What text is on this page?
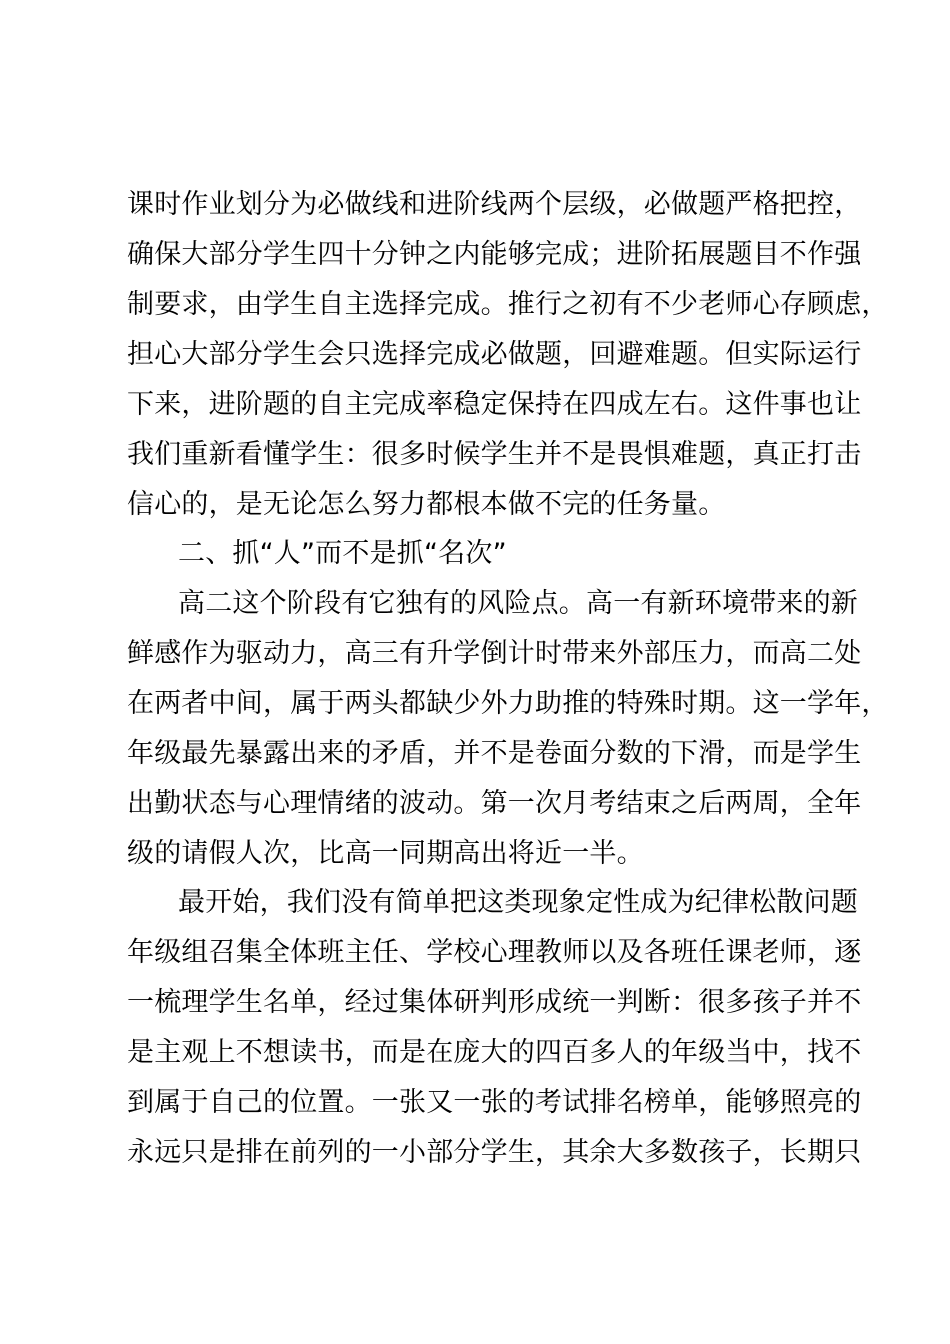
课时作业划分为必做线和进阶线两个层级，必做题严格把控，
确保大部分学生四十分钟之内能够完成；进阶拓展题目不作强
制要求，由学生自主选择完成。推行之初有不少老师心存顾虑，
担心大部分学生会只选择完成必做题，回避难题。但实际运行
下来，进阶题的自主完成率稳定保持在四成左右。这件事也让
我们重新看懂学生：很多时候学生并不是畏惧难题，真正打击
信心的，是无论怎么努力都根本做不完的任务量。
二、抓“人”而不是抓“名次”
高二这个阶段有它独有的风险点。高一有新环境带来的新
鲜感作为驱动力，高三有升学倒计时带来外部压力，而高二处
在两者中间，属于两头都缺少外力助推的特殊时期。这一学年，
年级最先暴露出来的矛盾，并不是卷面分数的下滑，而是学生
出勤状态与心理情绪的波动。第一次月考结束之后两周，全年
级的请假人次，比高一同期高出将近一半。
最开始，我们没有简单把这类现象定性成为纪律松散问题
年级组召集全体班主任、学校心理教师以及各班任课老师，逐
一梳理学生名单，经过集体研判形成统一判断：很多孩子并不
是主观上不想读书，而是在庞大的四百多人的年级当中，找不
到属于自己的位置。一张又一张的考试排名榜单，能够照亮的
永远只是排在前列的一小部分学生，其余大多数孩子，长期只
